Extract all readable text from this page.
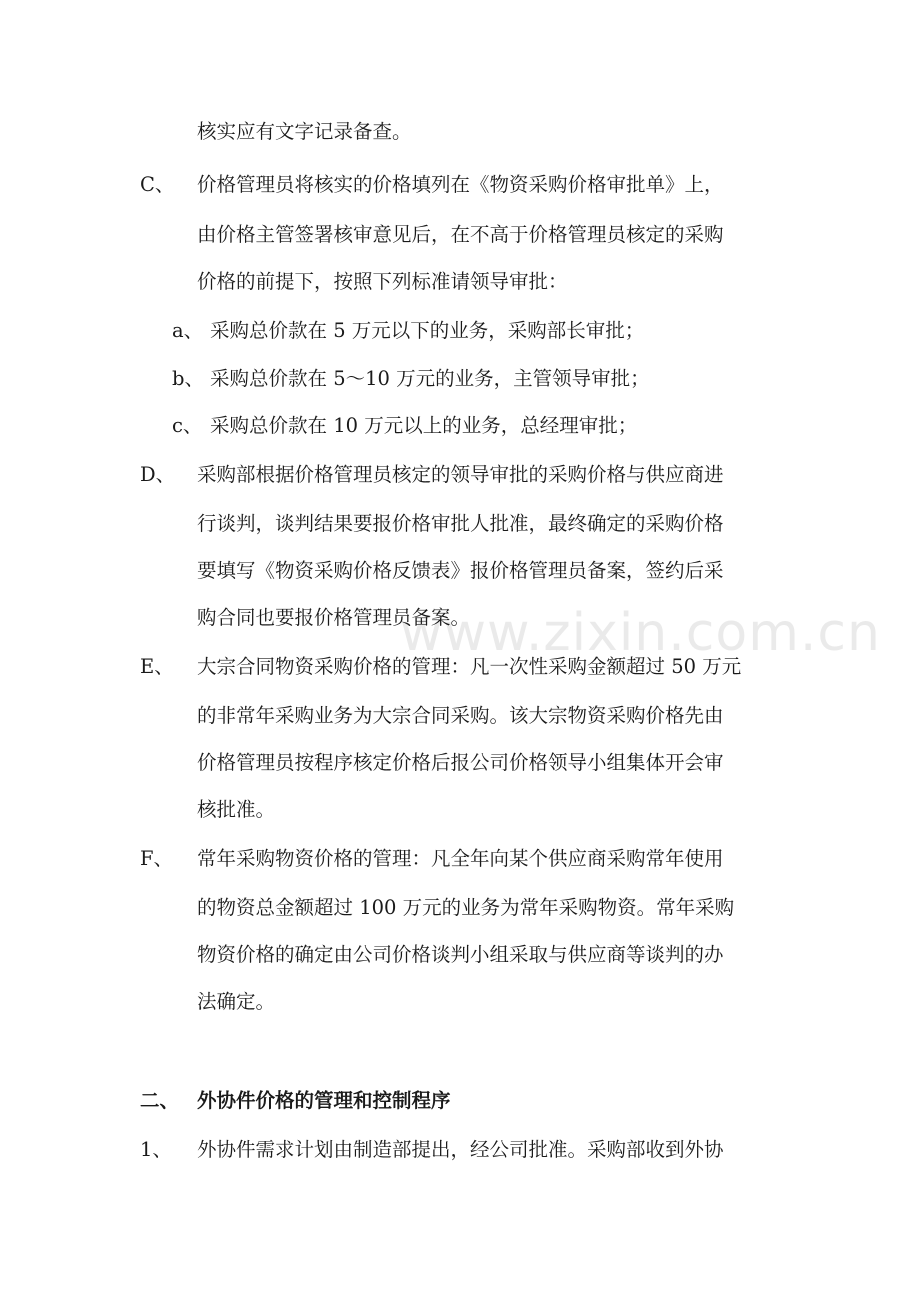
www.zixin.com.cn
核实应有文字记录备查。
C、 价格管理员将核实的价格填列在《物资采购价格审批单》上，
由价格主管签署核审意见后，在不高于价格管理员核定的采购
价格的前提下，按照下列标准请领导审批：
a、 采购总价款在 5 万元以下的业务，采购部长审批；
b、 采购总价款在 5～10 万元的业务，主管领导审批；
c、 采购总价款在 10 万元以上的业务，总经理审批；
D、 采购部根据价格管理员核定的领导审批的采购价格与供应商进
行谈判，谈判结果要报价格审批人批准，最终确定的采购价格
要填写《物资采购价格反馈表》报价格管理员备案，签约后采
购合同也要报价格管理员备案。
E、 大宗合同物资采购价格的管理：凡一次性采购金额超过 50 万元
的非常年采购业务为大宗合同采购。该大宗物资采购价格先由
价格管理员按程序核定价格后报公司价格领导小组集体开会审
核批准。
F、 常年采购物资价格的管理：凡全年向某个供应商采购常年使用
的物资总金额超过 100 万元的业务为常年采购物资。常年采购
物资价格的确定由公司价格谈判小组采取与供应商等谈判的办
法确定。
二、 外协件价格的管理和控制程序
1、 外协件需求计划由制造部提出，经公司批准。采购部收到外协
